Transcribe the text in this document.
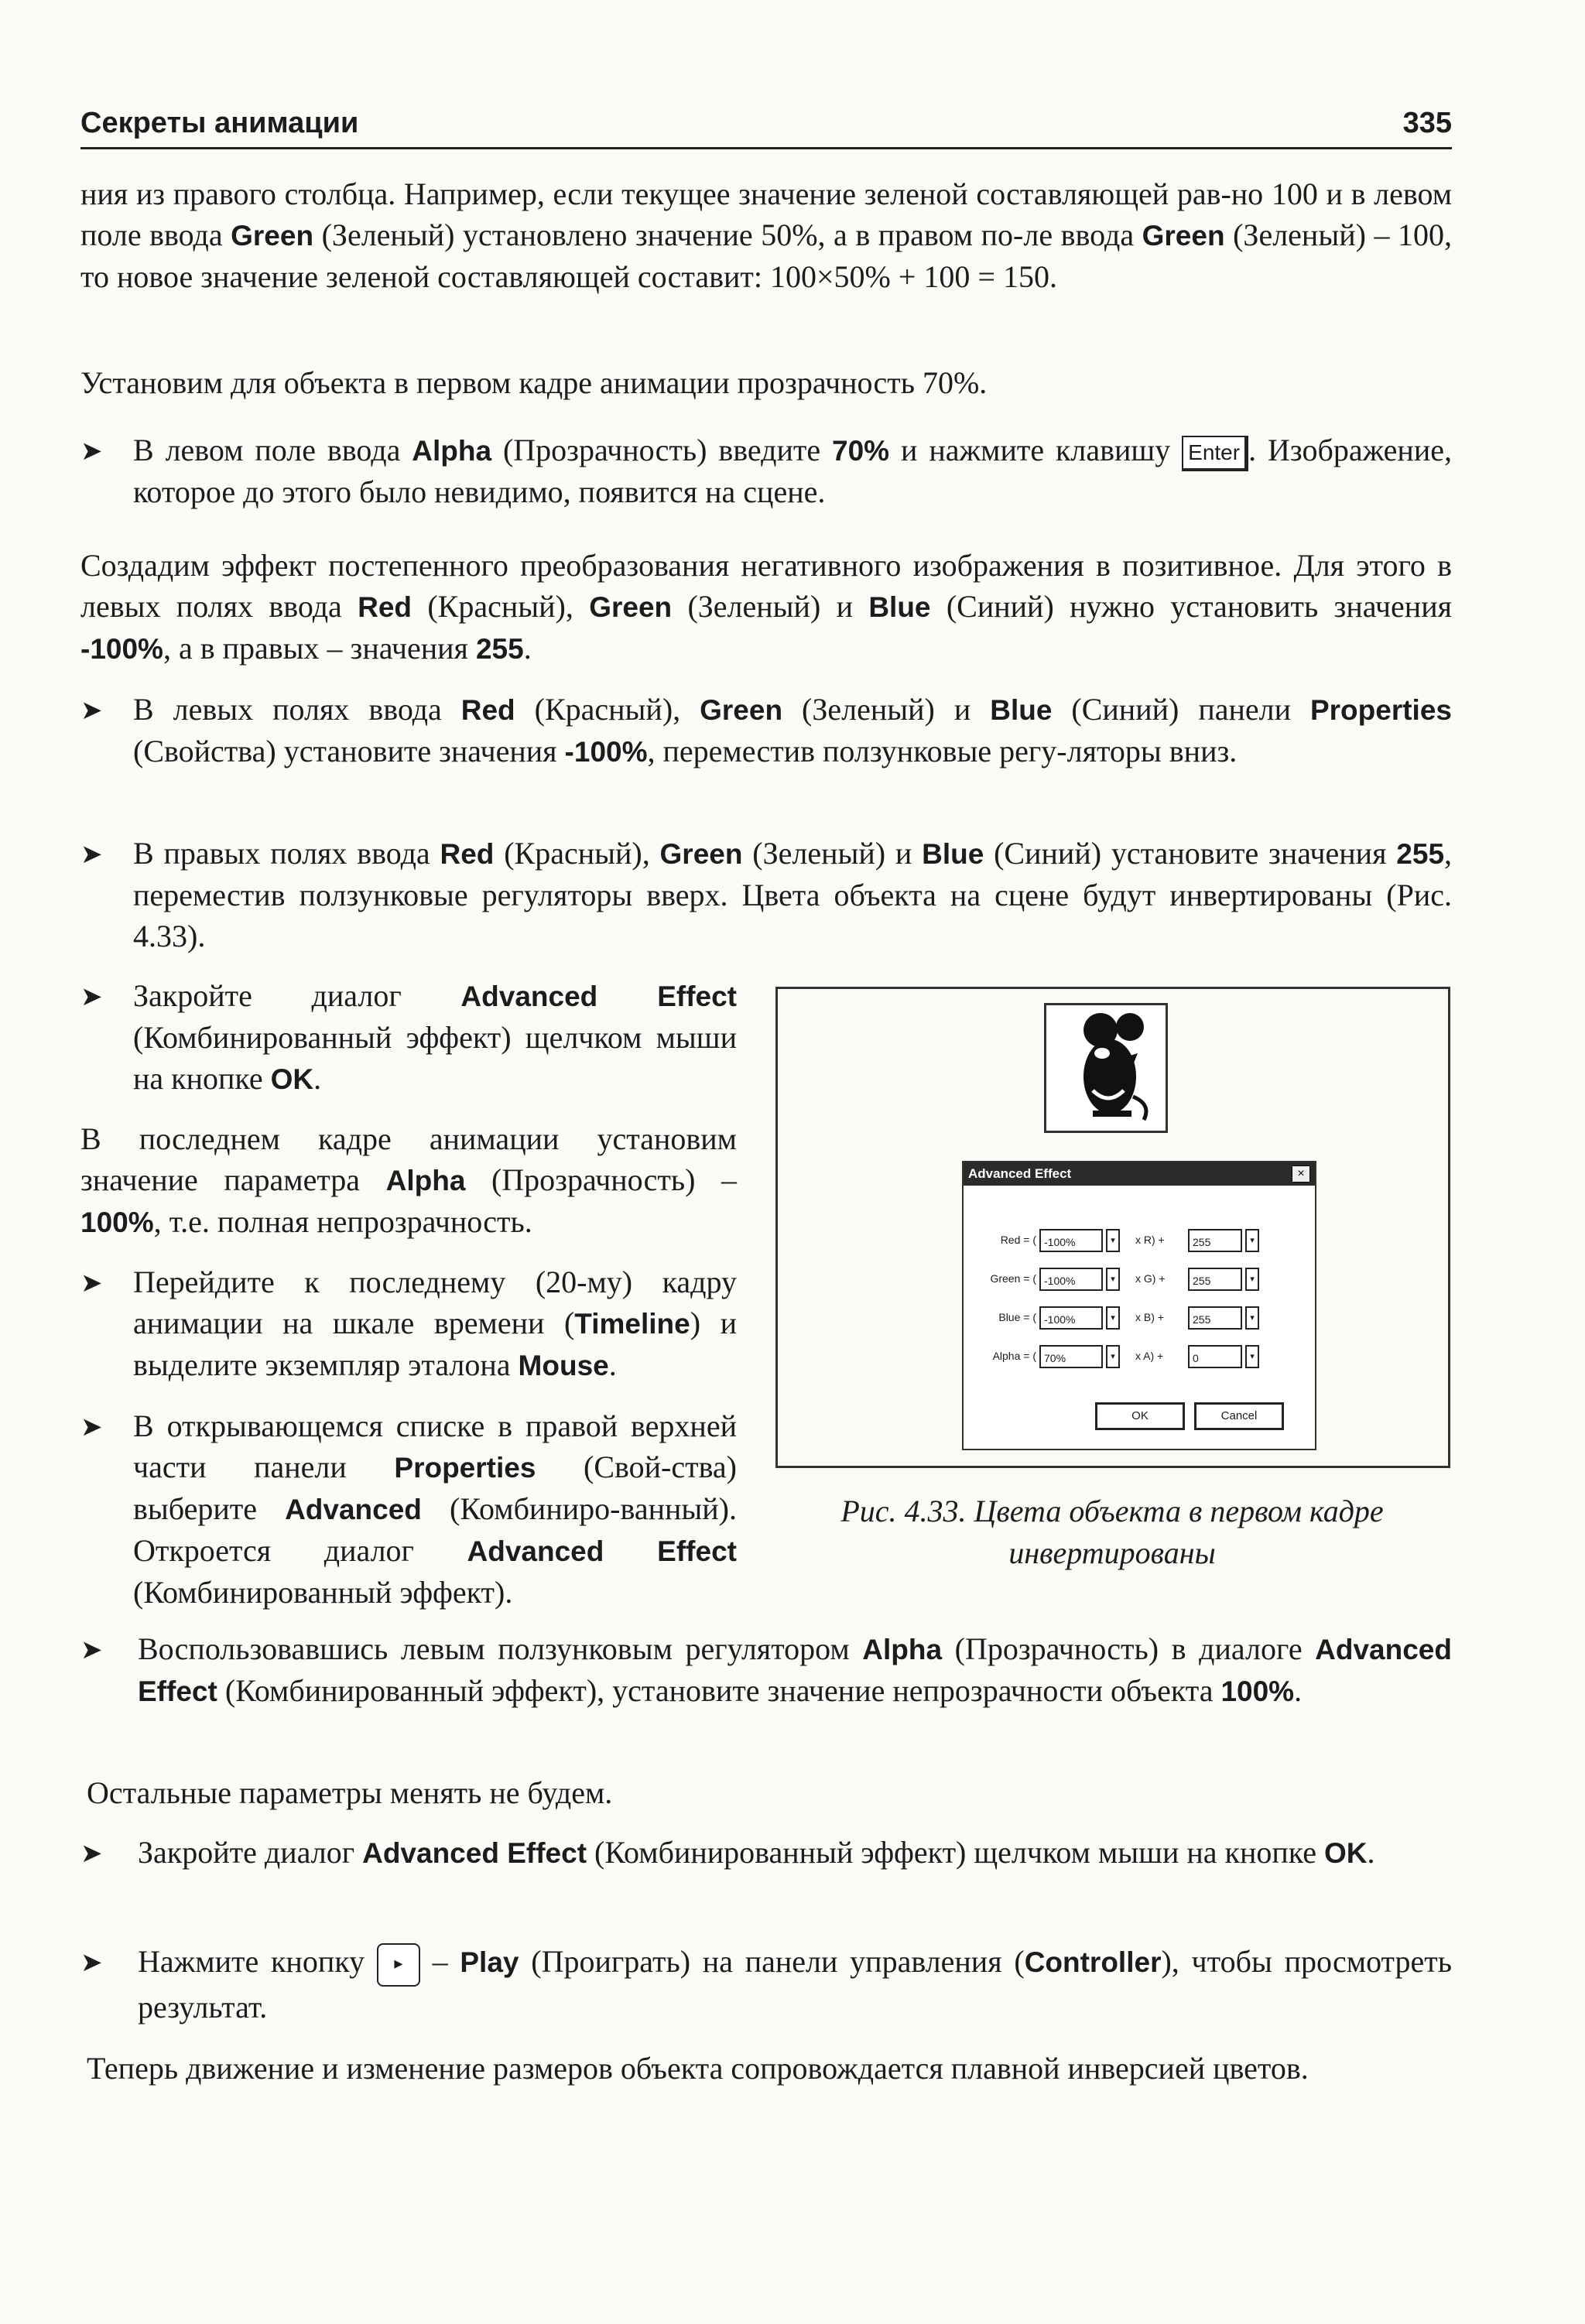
Секреты анимации	335
ния из правого столбца. Например, если текущее значение зеленой составляющей рав-но 100 и в левом поле ввода Green (Зеленый) установлено значение 50%, а в правом по-ле ввода Green (Зеленый) – 100, то новое значение зеленой составляющей составит: 100×50% + 100 = 150.
Установим для объекта в первом кадре анимации прозрачность 70%.
➤ В левом поле ввода Alpha (Прозрачность) введите 70% и нажмите клавишу Enter . Изображение, которое до этого было невидимо, появится на сцене.
Создадим эффект постепенного преобразования негативного изображения в позитивное. Для этого в левых полях ввода Red (Красный), Green (Зеленый) и Blue (Синий) нужно установить значения -100%, а в правых – значения 255.
➤ В левых полях ввода Red (Красный), Green (Зеленый) и Blue (Синий) панели Properties (Свойства) установите значения -100%, переместив ползунковые регу-ляторы вниз.
➤ В правых полях ввода Red (Красный), Green (Зеленый) и Blue (Синий) установите значения 255, переместив ползунковые регуляторы вверх. Цвета объекта на сцене будут инвертированы (Рис. 4.33).
➤ Закройте диалог Advanced Effect (Комбинированный эффект) щелчком мыши на кнопке OK.
В последнем кадре анимации установим значение параметра Alpha (Прозрачность) – 100%, т.е. полная непрозрачность.
➤ Перейдите к последнему (20-му) кадру анимации на шкале времени (Timeline) и выделите экземпляр эталона Mouse.
➤ В открывающемся списке в правой верхней части панели Properties (Свой-ства) выберите Advanced (Комбиниро-ванный). Откроется диалог Advanced Effect (Комбинированный эффект).
Advanced Effect	×
Red = ( -100%	▾	x R) +	255	▾
Green = ( -100%	▾	x G) +	255	▾
Blue = ( -100%	▾	x B) +	255	▾
Alpha = ( 70%	▾	x A) +	0	▾
OK	Cancel
Рис. 4.33. Цвета объекта в первом кадре
инвертированы
➤ Воспользовавшись левым ползунковым регулятором Alpha (Прозрачность) в диалоге Advanced Effect (Комбинированный эффект), установите значение непрозрачности объекта 100%.
Остальные параметры менять не будем.
➤ Закройте диалог Advanced Effect (Комбинированный эффект) щелчком мыши на кнопке OK.
➤ Нажмите кнопку ▸ – Play (Проиграть) на панели управления (Controller), чтобы просмотреть результат.
Теперь движение и изменение размеров объекта сопровождается плавной инверсией цветов.
